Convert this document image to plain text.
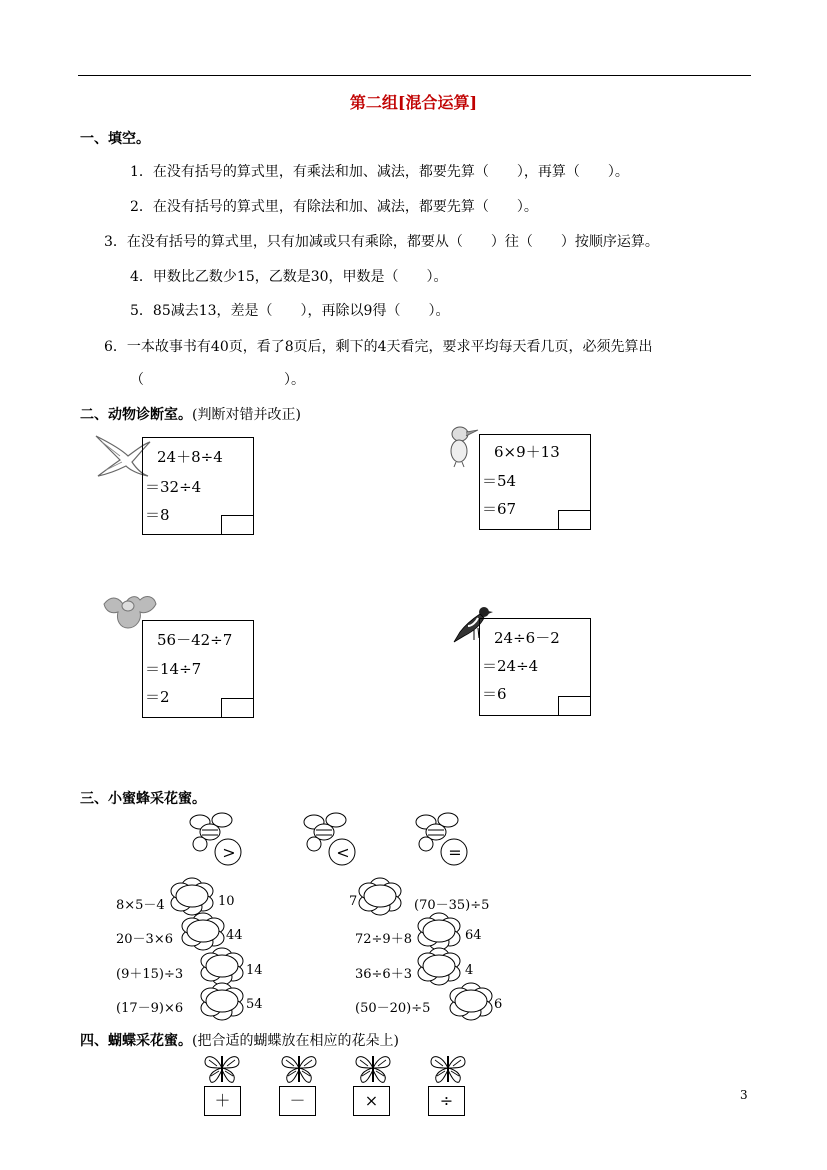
第二组[混合运算]
一、填空。
1．在没有括号的算式里，有乘法和加、减法，都要先算（　　），再算（　　）。
2．在没有括号的算式里，有除法和加、减法，都要先算（　　）。
3．在没有括号的算式里，只有加减或只有乘除，都要从（　　）往（　　）按顺序运算。
4．甲数比乙数少15，乙数是30，甲数是（　　）。
5．85减去13，差是（　　），再除以9得（　　）。
6．一本故事书有40页，看了8页后，剩下的4天看完，要求平均每天看几页，必须先算出
（　　　　　　　　　　）。
二、动物诊断室。(判断对错并改正)
24＋8÷4
＝32÷4
＝8
6×9＋13
＝54
＝67
56－42÷7
＝14÷7
＝2
24÷6－2
＝24÷4
＝6
三、小蜜蜂采花蜜。
>	<	=
8×5－4	10
20－3×6	44
(9＋15)÷3	14
(17－9)×6	54
7	(70－35)÷5
72÷9＋8	64
36÷6＋3	4
(50－20)÷5	6
四、蝴蝶采花蜜。(把合适的蝴蝶放在相应的花朵上)
＋	－	×	÷	3
